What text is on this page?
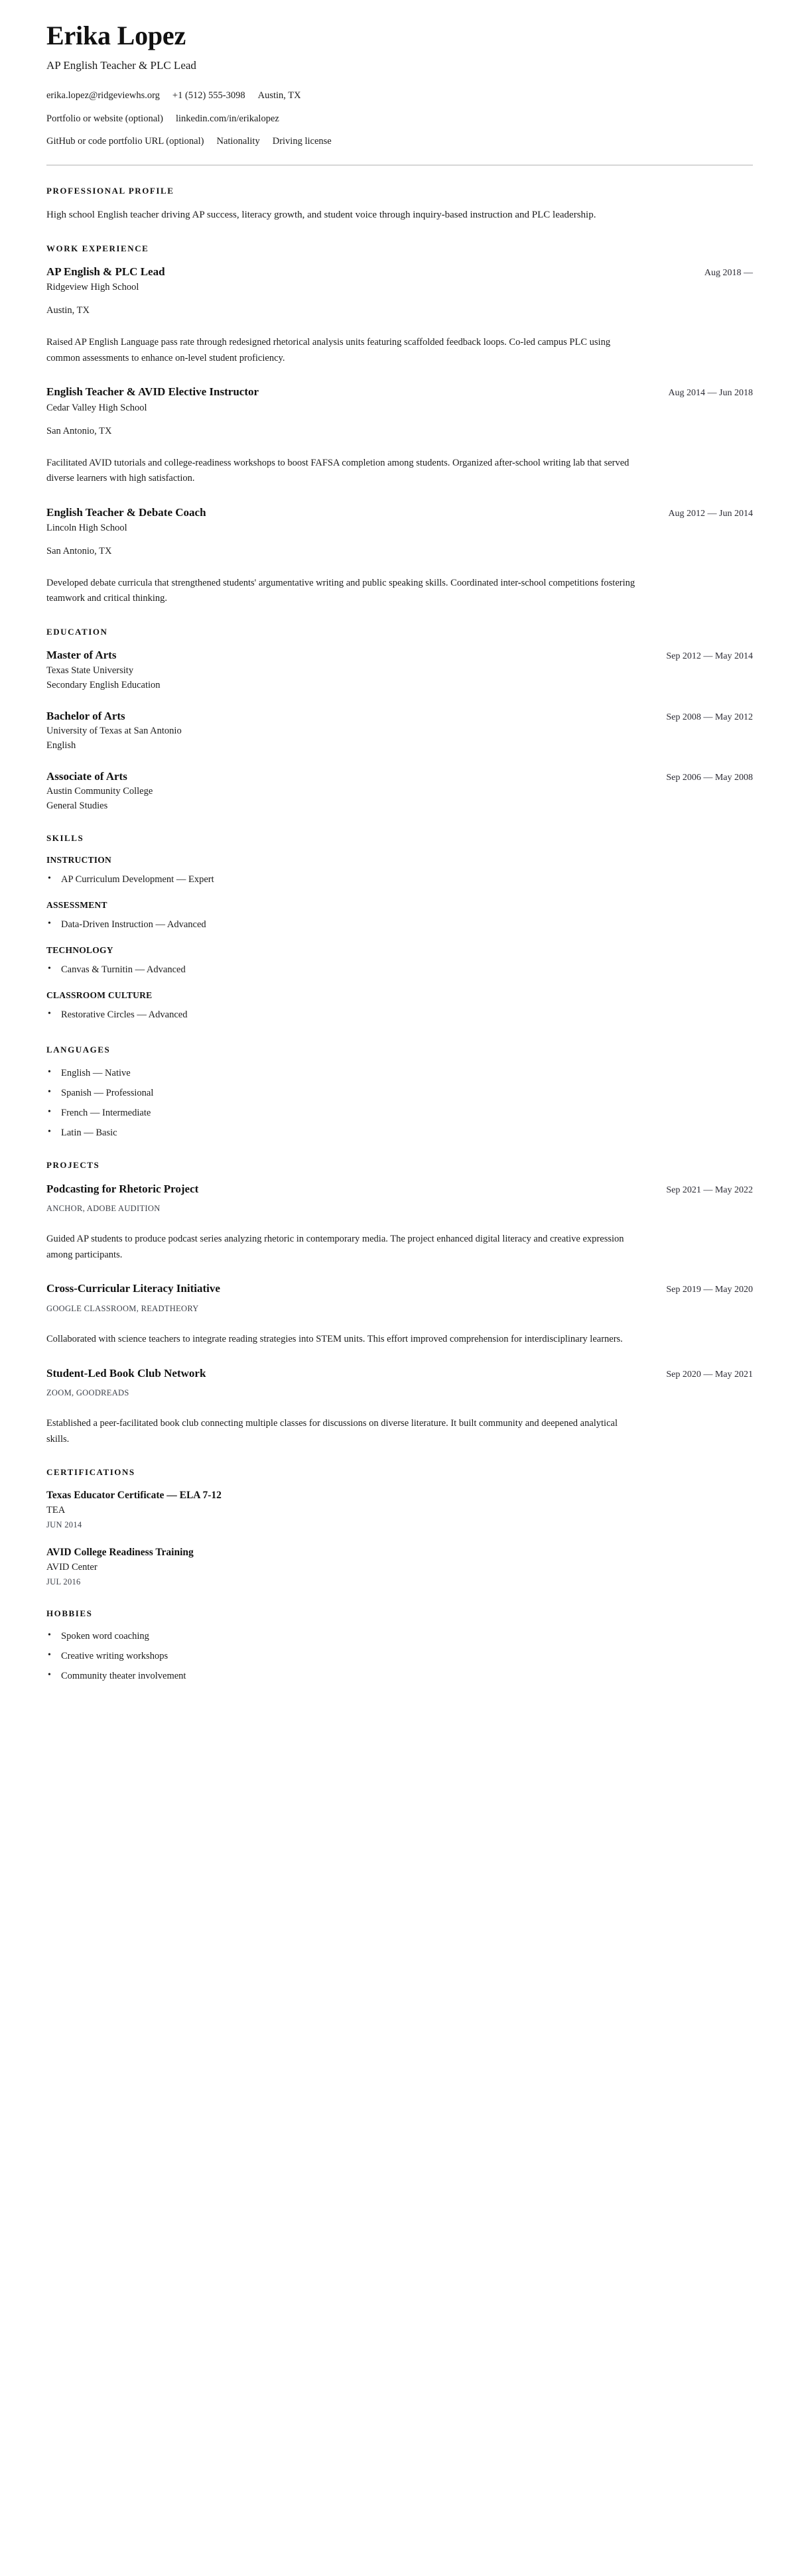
Erika Lopez
AP English Teacher & PLC Lead
erika.lopez@ridgeviewhs.org +1 (512) 555-3098 Austin, TX
Portfolio or website (optional) linkedin.com/in/erikalopez
GitHub or code portfolio URL (optional) Nationality Driving license
PROFESSIONAL PROFILE

High school English teacher driving AP success, literacy growth, and student voice through inquiry-based instruction and PLC leadership.

WORK EXPERIENCE
AP English & PLC Lead	Aug 2018 —
Ridgeview High School
Austin, TX

Raised AP English Language pass rate through redesigned rhetorical analysis units featuring scaffolded feedback loops. Co-led campus PLC using common assessments to enhance on-level student proficiency.

English Teacher & AVID Elective Instructor	Aug 2014 — Jun 2018
Cedar Valley High School
San Antonio, TX

Facilitated AVID tutorials and college-readiness workshops to boost FAFSA completion among students. Organized after-school writing lab that served diverse learners with high satisfaction.

English Teacher & Debate Coach	Aug 2012 — Jun 2014
Lincoln High School
San Antonio, TX

Developed debate curricula that strengthened students' argumentative writing and public speaking skills. Coordinated inter-school competitions fostering teamwork and critical thinking.

EDUCATION
Master of Arts	Sep 2012 — May 2014
Texas State University
Secondary English Education
Bachelor of Arts	Sep 2008 — May 2012
University of Texas at San Antonio
English
Associate of Arts	Sep 2006 — May 2008
Austin Community College
General Studies
SKILLS
INSTRUCTION
• AP Curriculum Development — Expert
ASSESSMENT
• Data-Driven Instruction — Advanced
TECHNOLOGY
• Canvas & Turnitin — Advanced
CLASSROOM CULTURE
• Restorative Circles — Advanced
LANGUAGES
• English — Native
• Spanish — Professional
• French — Intermediate
• Latin — Basic
PROJECTS
Podcasting for Rhetoric Project	Sep 2021 — May 2022
ANCHOR, ADOBE AUDITION

Guided AP students to produce podcast series analyzing rhetoric in contemporary media. The project enhanced digital literacy and creative expression among participants.

Cross-Curricular Literacy Initiative	Sep 2019 — May 2020
GOOGLE CLASSROOM, READTHEORY

Collaborated with science teachers to integrate reading strategies into STEM units. This effort improved comprehension for interdisciplinary learners.

Student-Led Book Club Network	Sep 2020 — May 2021
ZOOM, GOODREADS

Established a peer-facilitated book club connecting multiple classes for discussions on diverse literature. It built community and deepened analytical skills.

CERTIFICATIONS
Texas Educator Certificate — ELA 7-12
TEA
JUN 2014
AVID College Readiness Training
AVID Center
JUL 2016
HOBBIES
• Spoken word coaching
• Creative writing workshops
• Community theater involvement
